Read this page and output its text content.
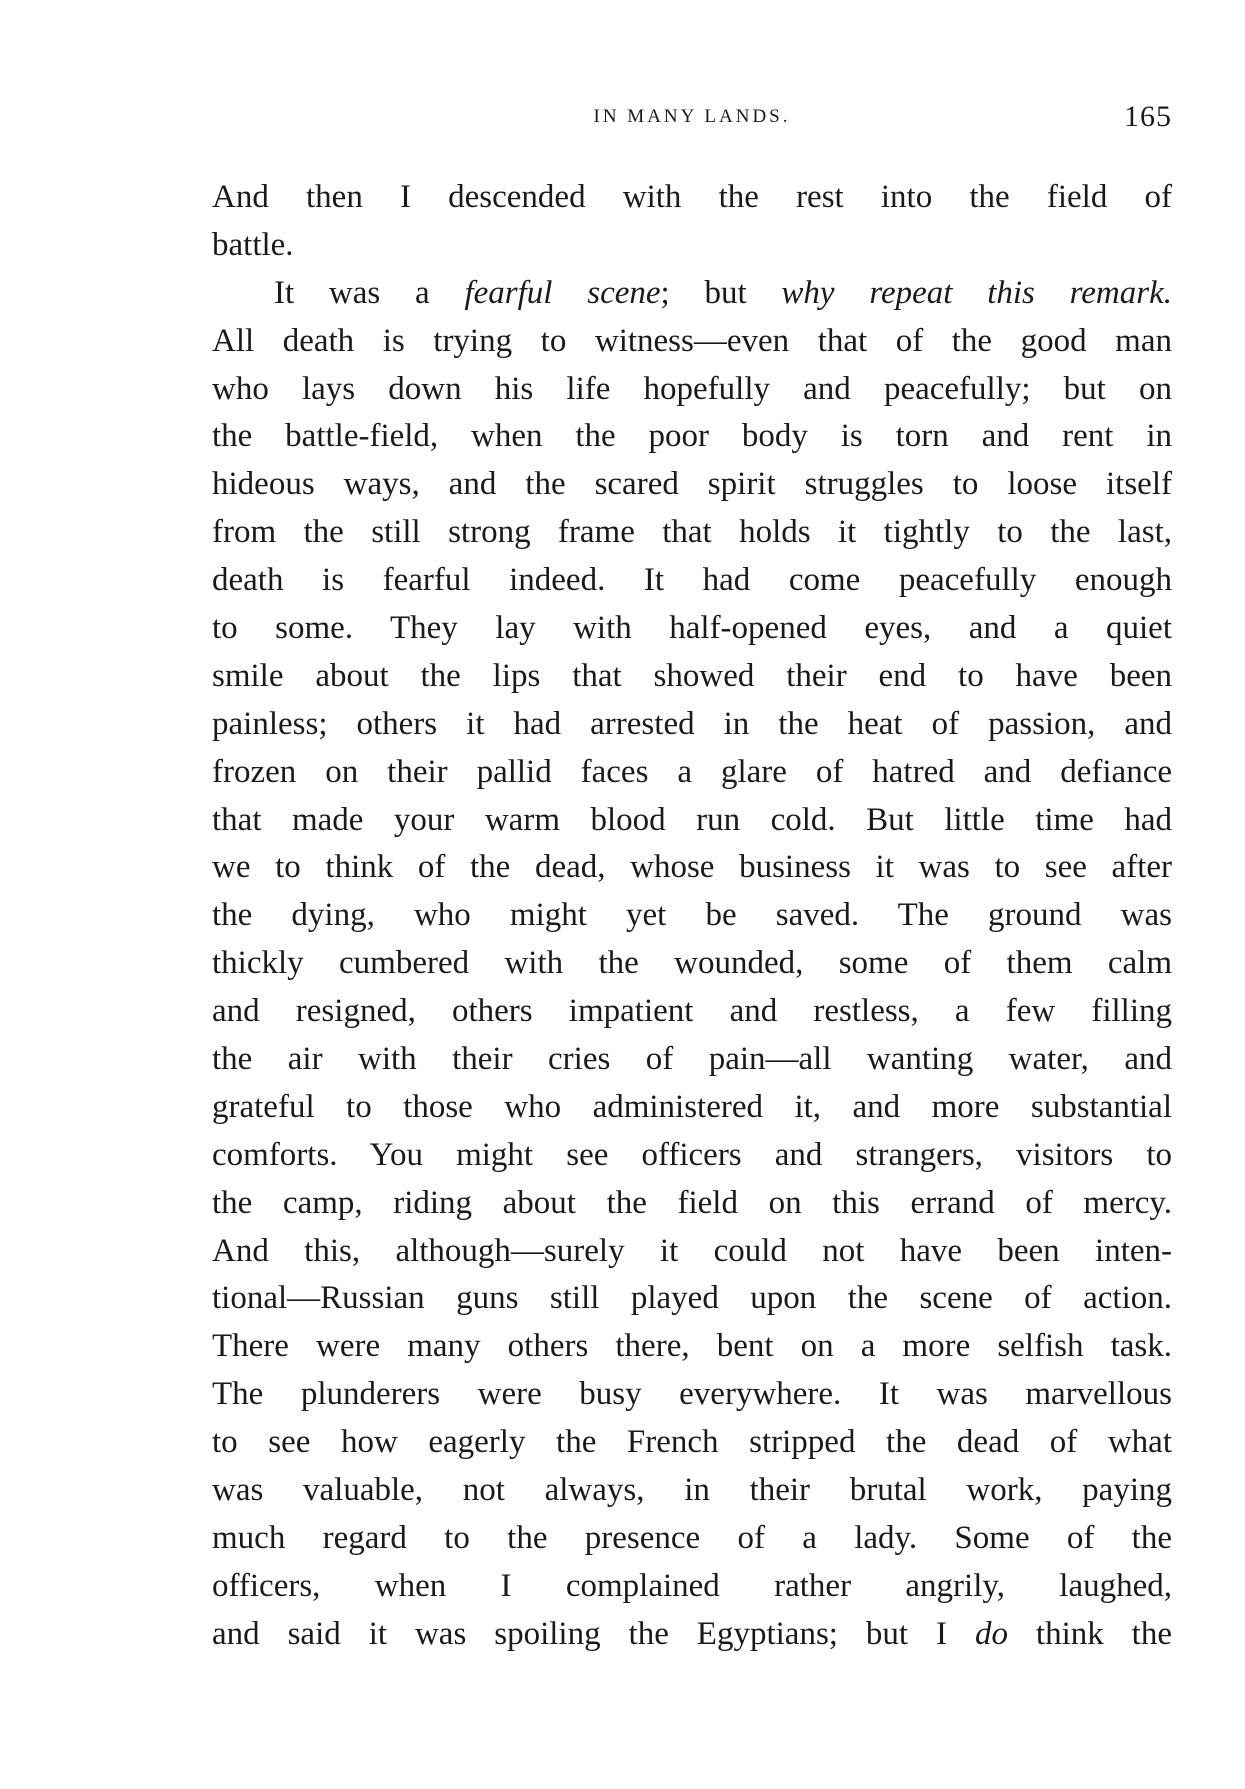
IN MANY LANDS.	165
And then I descended with the rest into the field of
battle.
It was a fearful scene; but why repeat this remark.
All death is trying to witness—even that of the good man
who lays down his life hopefully and peacefully; but on
the battle-field, when the poor body is torn and rent in
hideous ways, and the scared spirit struggles to loose itself
from the still strong frame that holds it tightly to the last,
death is fearful indeed. It had come peacefully enough
to some. They lay with half-opened eyes, and a quiet
smile about the lips that showed their end to have been
painless; others it had arrested in the heat of passion, and
frozen on their pallid faces a glare of hatred and defiance
that made your warm blood run cold. But little time had
we to think of the dead, whose business it was to see after
the dying, who might yet be saved. The ground was
thickly cumbered with the wounded, some of them calm
and resigned, others impatient and restless, a few filling
the air with their cries of pain—all wanting water, and
grateful to those who administered it, and more substantial
comforts. You might see officers and strangers, visitors to
the camp, riding about the field on this errand of mercy.
And this, although—surely it could not have been inten-
tional—Russian guns still played upon the scene of action.
There were many others there, bent on a more selfish task.
The plunderers were busy everywhere. It was marvellous
to see how eagerly the French stripped the dead of what
was valuable, not always, in their brutal work, paying
much regard to the presence of a lady. Some of the
officers, when I complained rather angrily, laughed,
and said it was spoiling the Egyptians; but I do think the
